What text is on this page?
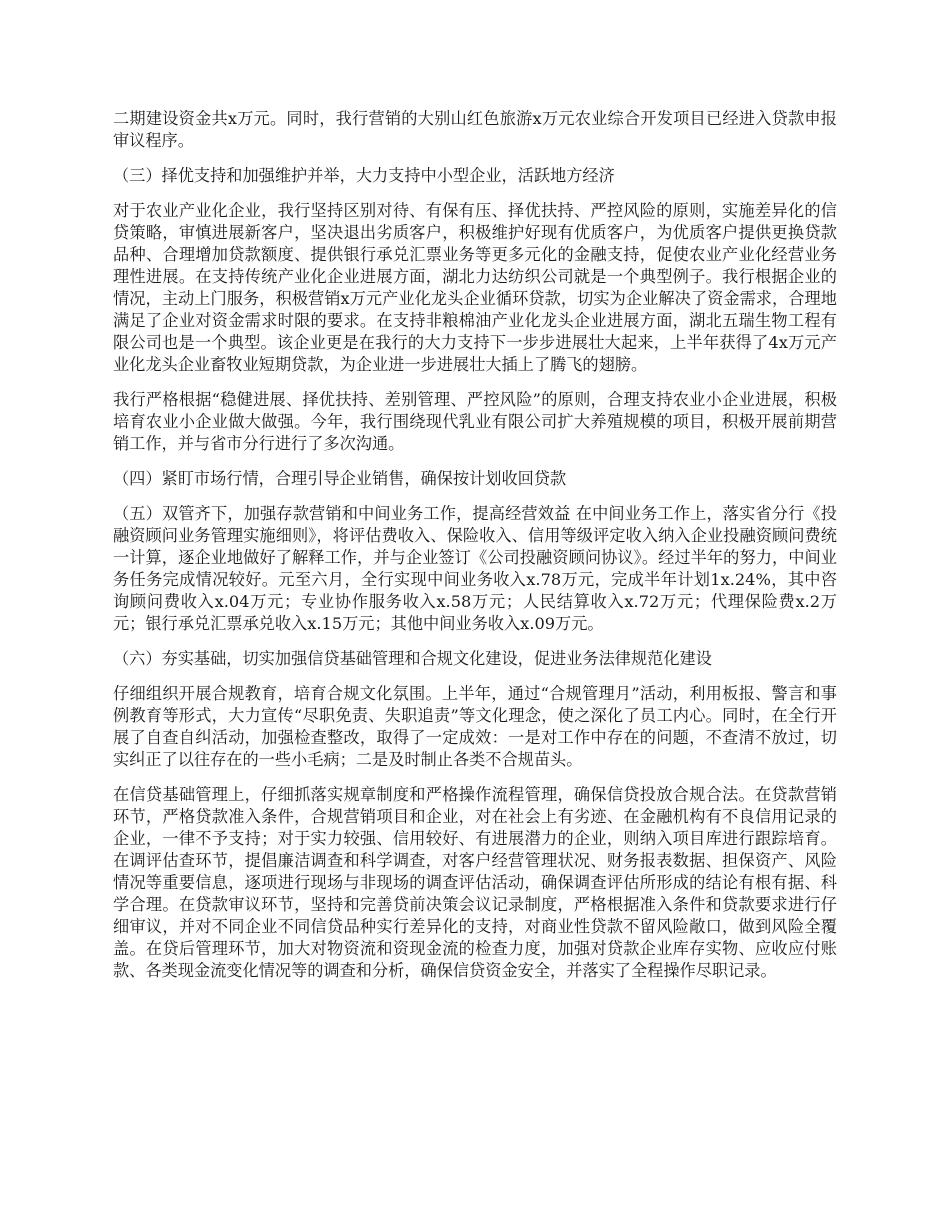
二期建设资金共x万元。同时，我行营销的大别山红色旅游x万元农业综合开发项目已经进入贷款申报审议程序。

（三）择优支持和加强维护并举，大力支持中小型企业，活跃地方经济

对于农业产业化企业，我行坚持区别对待、有保有压、择优扶持、严控风险的原则，实施差异化的信贷策略，审慎进展新客户，坚决退出劣质客户，积极维护好现有优质客户，为优质客户提供更换贷款品种、合理增加贷款额度、提供银行承兑汇票业务等更多元化的金融支持，促使农业产业化经营业务理性进展。在支持传统产业化企业进展方面，湖北力达纺织公司就是一个典型例子。我行根据企业的情况，主动上门服务，积极营销x万元产业化龙头企业循环贷款，切实为企业解决了资金需求，合理地满足了企业对资金需求时限的要求。在支持非粮棉油产业化龙头企业进展方面，湖北五瑞生物工程有限公司也是一个典型。该企业更是在我行的大力支持下一步步进展壮大起来，上半年获得了4x万元产业化龙头企业畜牧业短期贷款，为企业进一步进展壮大插上了腾飞的翅膀。

我行严格根据“稳健进展、择优扶持、差别管理、严控风险”的原则，合理支持农业小企业进展，积极培育农业小企业做大做强。今年，我行围绕现代乳业有限公司扩大养殖规模的项目，积极开展前期营销工作，并与省市分行进行了多次沟通。

（四）紧盯市场行情，合理引导企业销售，确保按计划收回贷款

（五）双管齐下，加强存款营销和中间业务工作，提高经营效益 在中间业务工作上，落实省分行《投融资顾问业务管理实施细则》，将评估费收入、保险收入、信用等级评定收入纳入企业投融资顾问费统一计算，逐企业地做好了解释工作，并与企业签订《公司投融资顾问协议》。经过半年的努力，中间业务任务完成情况较好。元至六月，全行实现中间业务收入x.78万元，完成半年计划1x.24%，其中咨询顾问费收入x.04万元；专业协作服务收入x.58万元；人民结算收入x.72万元；代理保险费x.2万元；银行承兑汇票承兑收入x.15万元；其他中间业务收入x.09万元。

（六）夯实基础，切实加强信贷基础管理和合规文化建设，促进业务法律规范化建设

仔细组织开展合规教育，培育合规文化氛围。上半年，通过“合规管理月”活动，利用板报、警言和事例教育等形式，大力宣传“尽职免责、失职追责”等文化理念，使之深化了员工内心。同时，在全行开展了自查自纠活动，加强检查整改，取得了一定成效：一是对工作中存在的问题，不查清不放过，切实纠正了以往存在的一些小毛病；二是及时制止各类不合规苗头。

在信贷基础管理上，仔细抓落实规章制度和严格操作流程管理，确保信贷投放合规合法。在贷款营销环节，严格贷款准入条件，合规营销项目和企业，对在社会上有劣迹、在金融机构有不良信用记录的企业，一律不予支持；对于实力较强、信用较好、有进展潜力的企业，则纳入项目库进行跟踪培育。在调评估查环节，提倡廉洁调查和科学调查，对客户经营管理状况、财务报表数据、担保资产、风险情况等重要信息，逐项进行现场与非现场的调查评估活动，确保调查评估所形成的结论有根有据、科学合理。在贷款审议环节，坚持和完善贷前决策会议记录制度，严格根据准入条件和贷款要求进行仔细审议，并对不同企业不同信贷品种实行差异化的支持，对商业性贷款不留风险敞口，做到风险全覆盖。在贷后管理环节，加大对物资流和资现金流的检查力度，加强对贷款企业库存实物、应收应付账款、各类现金流变化情况等的调查和分析，确保信贷资金安全，并落实了全程操作尽职记录。
